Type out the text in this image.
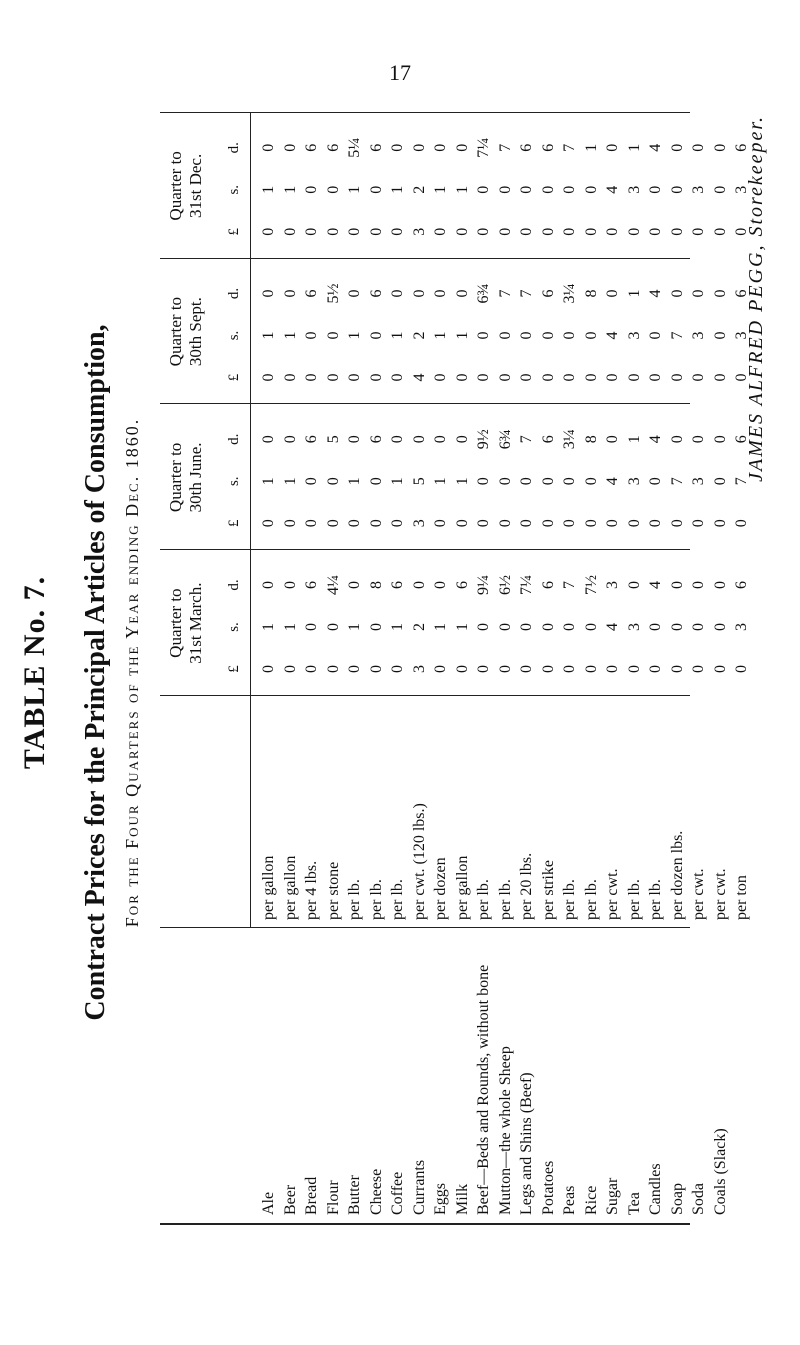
17
TABLE No. 7. Contract Prices for the Principal Articles of Consumption, For the Four Quarters of the Year ending Dec. 1860.
Ale Beer Bread Flour Butter Cheese Coffee Currants Eggs Milk Beef—Beds and Rounds, without bone Mutton—the whole Sheep Legs and Shins (Beef) Potatoes Peas Rice Sugar Tea Candles Soap Soda Coals (Slack)
per gallon per gallon per 4 lbs. per stone per lb. per lb. per lb. per cwt. (120 lbs.) per dozen per gallon per lb. per lb. per 20 lbs. per strike per lb. per lb. per cwt. per lb. per lb. per dozen lbs. per cwt. per cwt. per ton
Quarter to 31st March.
£
s.
d.
0
1
0
0
1
0
0
0
6
0
0
4¼
0
1
0
0
0
8
0
1
6
3
2
0
0
1
0
0
1
6
0
0
9¼
0
0
6½
0
0
7¼
0
0
6
0
0
7
0
0
7½
0
4
3
0
3
0
0
0
4
0
0
0
0
0
0
0
0
0
0
3
6
Quarter to 30th June.
£
s.
d.
0
1
0
0
1
0
0
0
6
0
0
5
0
1
0
0
0
6
0
1
0
3
5
0
0
1
0
0
1
0
0
0
9½
0
0
6¾
0
0
7
0
0
6
0
0
3¼
0
0
8
0
4
0
0
3
1
0
0
4
0
7
0
0
3
0
0
0
0
0
7
6
Quarter to 30th Sept.
£
s.
d.
0
1
0
0
1
0
0
0
6
0
0
5½
0
1
0
0
0
6
0
1
0
4
2
0
0
1
0
0
1
0
0
0
6¾
0
0
7
0
0
7
0
0
6
0
0
3¼
0
0
8
0
4
0
0
3
1
0
0
4
0
7
0
0
3
0
0
0
0
0
3
6
Quarter to 31st Dec.
£
s.
d.
0
1
0
0
1
0
0
0
6
0
0
6
0
1
5¼
0
0
6
0
1
0
3
2
0
0
1
0
0
1
0
0
0
7¼
0
0
7
0
0
6
0
0
6
0
0
7
0
0
1
0
4
0
0
3
1
0
0
4
0
0
0
0
3
0
0
0
0
0
3
6
JAMES ALFRED PEGG, Storekeeper.
